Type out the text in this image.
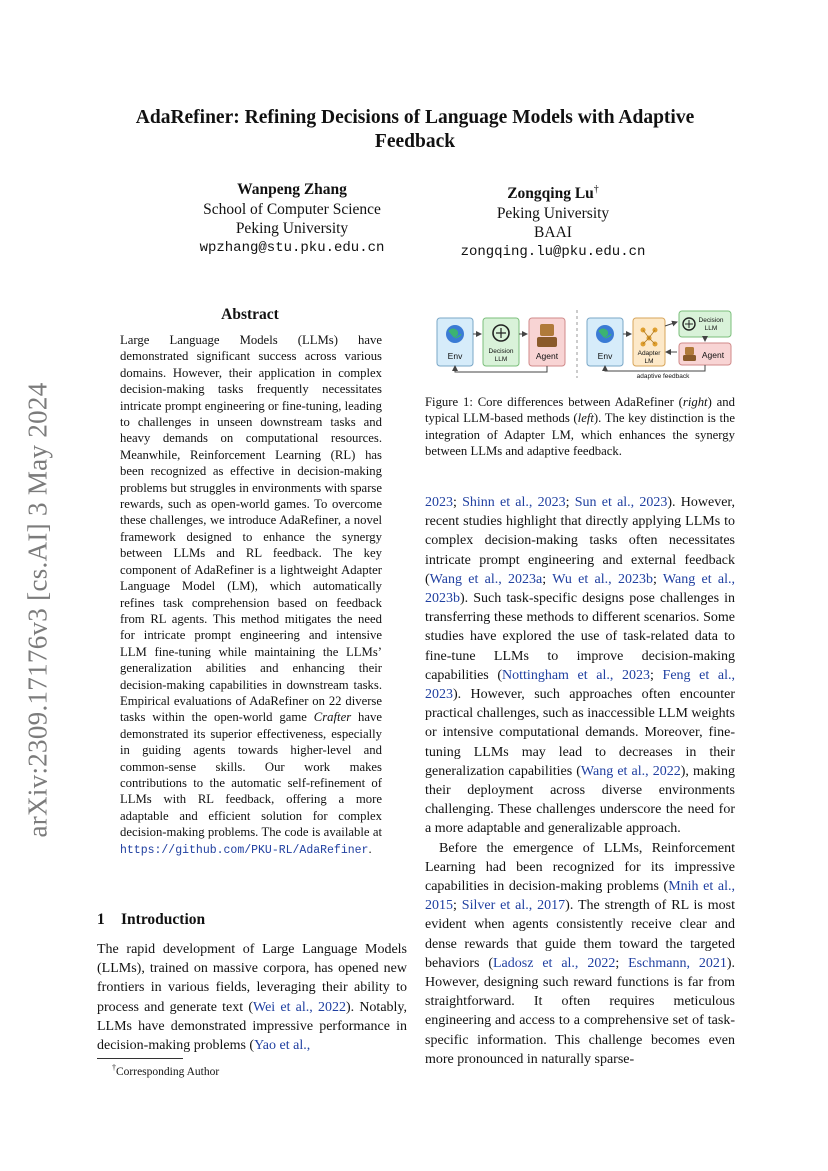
arXiv:2309.17176v3 [cs.AI] 3 May 2024
AdaRefiner: Refining Decisions of Language Models with Adaptive Feedback
Wanpeng Zhang
School of Computer Science
Peking University
wpzhang@stu.pku.edu.cn
Zongqing Lu†
Peking University
BAAI
zongqing.lu@pku.edu.cn
Abstract
Large Language Models (LLMs) have demonstrated significant success across various domains. However, their application in complex decision-making tasks frequently necessitates intricate prompt engineering or fine-tuning, leading to challenges in unseen downstream tasks and heavy demands on computational resources. Meanwhile, Reinforcement Learning (RL) has been recognized as effective in decision-making problems but struggles in environments with sparse rewards, such as open-world games. To overcome these challenges, we introduce AdaRefiner, a novel framework designed to enhance the synergy between LLMs and RL feedback. The key component of AdaRefiner is a lightweight Adapter Language Model (LM), which automatically refines task comprehension based on feedback from RL agents. This method mitigates the need for intricate prompt engineering and intensive LLM fine-tuning while maintaining the LLMs’ generalization abilities and enhancing their decision-making capabilities in downstream tasks. Empirical evaluations of AdaRefiner on 22 diverse tasks within the open-world game Crafter have demonstrated its superior effectiveness, especially in guiding agents towards higher-level and common-sense skills. Our work makes contributions to the automatic self-refinement of LLMs with RL feedback, offering a more adaptable and efficient solution for complex decision-making problems. The code is available at https://github.com/PKU-RL/AdaRefiner.
1 Introduction
The rapid development of Large Language Models (LLMs), trained on massive corpora, has opened new frontiers in various fields, leveraging their ability to process and generate text (Wei et al., 2022). Notably, LLMs have demonstrated impressive performance in decision-making problems (Yao et al.,
†Corresponding Author
Env	Decision
LLM	Agent	Env	Adapter
LM
Decision
LLM
Agent
adaptive feedback
Figure 1: Core differences between AdaRefiner (right) and typical LLM-based methods (left). The key distinction is the integration of Adapter LM, which enhances the synergy between LLMs and adaptive feedback.

2023; Shinn et al., 2023; Sun et al., 2023). However, recent studies highlight that directly applying LLMs to complex decision-making tasks often necessitates intricate prompt engineering and external feedback (Wang et al., 2023a; Wu et al., 2023b; Wang et al., 2023b). Such task-specific designs pose challenges in transferring these methods to different scenarios. Some studies have explored the use of task-related data to fine-tune LLMs to improve decision-making capabilities (Nottingham et al., 2023; Feng et al., 2023). However, such approaches often encounter practical challenges, such as inaccessible LLM weights or intensive computational demands. Moreover, fine-tuning LLMs may lead to decreases in their generalization capabilities (Wang et al., 2022), making their deployment across diverse environments challenging. These challenges underscore the need for a more adaptable and generalizable approach.

Before the emergence of LLMs, Reinforcement Learning had been recognized for its impressive capabilities in decision-making problems (Mnih et al., 2015; Silver et al., 2017). The strength of RL is most evident when agents consistently receive clear and dense rewards that guide them toward the targeted behaviors (Ladosz et al., 2022; Eschmann, 2021). However, designing such reward functions is far from straightforward. It often requires meticulous engineering and access to a comprehensive set of task-specific information. This challenge becomes even more pronounced in naturally sparse-
